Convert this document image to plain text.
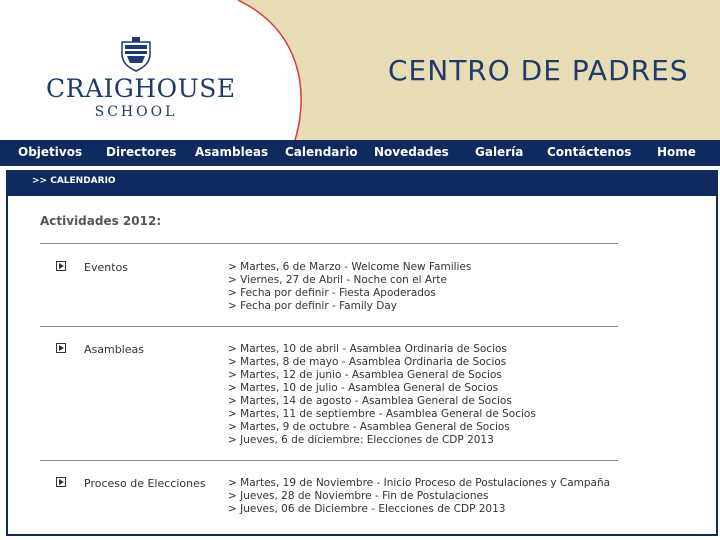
CRAIGHOUSE
SCHOOL
CENTRO DE PADRES
Objetivos Directores Asambleas Calendario Novedades Galería Contáctenos Home
>> CALENDARIO
Actividades 2012:
Eventos	> Martes, 6 de Marzo - Welcome New Families
> Viernes, 27 de Abril - Noche con el Arte
> Fecha por definir - Fiesta Apoderados
> Fecha por definir - Family Day
Asambleas	> Martes, 10 de abril - Asamblea Ordinaria de Socios
> Martes, 8 de mayo - Asamblea Ordinaria de Socios
> Martes, 12 de junio - Asamblea General de Socios
> Martes, 10 de julio - Asamblea General de Socios
> Martes, 14 de agosto - Asamblea General de Socios
> Martes, 11 de septiembre - Asamblea General de Socios
> Martes, 9 de octubre - Asamblea General de Socios
> Jueves, 6 de diciembre: Elecciones de CDP 2013
Proceso de Elecciones > Martes, 19 de Noviembre - Inicio Proceso de Postulaciones y Campaña
> Jueves, 28 de Noviembre - Fin de Postulaciones
> Jueves, 06 de Diciembre - Elecciones de CDP 2013
